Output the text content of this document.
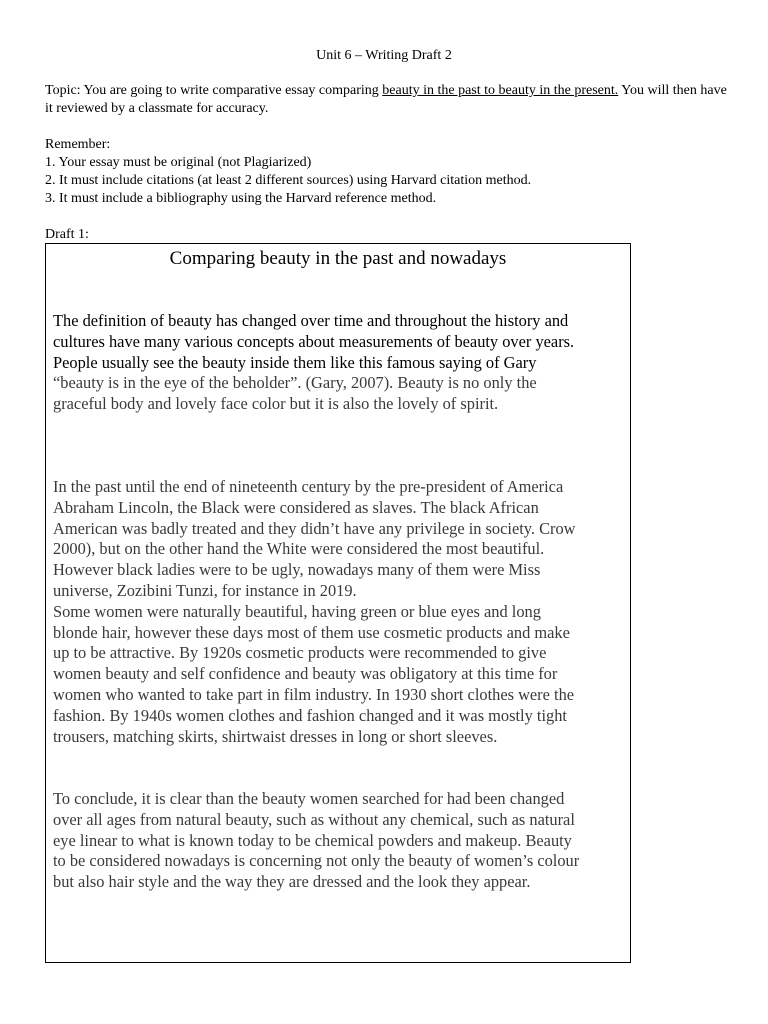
Unit 6 – Writing Draft 2
Topic: You are going to write comparative essay comparing beauty in the past to beauty in the present. You will then have it reviewed by a classmate for accuracy.
Remember:
1. Your essay must be original (not Plagiarized)
2. It must include citations (at least 2 different sources) using Harvard citation method.
3. It must include a bibliography using the Harvard reference method.
Draft 1:
Comparing beauty in the past and nowadays
The definition of beauty has changed over time and throughout the history and
cultures have many various concepts about measurements of beauty over years.
People usually see the beauty inside them like this famous saying of Gary
“beauty is in the eye of the beholder”. (Gary, 2007). Beauty is no only the
graceful body and lovely face color but it is also the lovely of spirit.
In the past until the end of nineteenth century by the pre-president of America
Abraham Lincoln, the Black were considered as slaves. The black African
American was badly treated and they didn’t have any privilege in society. Crow
2000), but on the other hand the White were considered the most beautiful.
However black ladies were to be ugly, nowadays many of them were Miss
universe, Zozibini Tunzi, for instance in 2019.
Some women were naturally beautiful, having green or blue eyes and long
blonde hair, however these days most of them use cosmetic products and make
up to be attractive. By 1920s cosmetic products were recommended to give
women beauty and self confidence and beauty was obligatory at this time for
women who wanted to take part in film industry. In 1930 short clothes were the
fashion. By 1940s women clothes and fashion changed and it was mostly tight
trousers, matching skirts, shirtwaist dresses in long or short sleeves.
To conclude, it is clear than the beauty women searched for had been changed
over all ages from natural beauty, such as without any chemical, such as natural
eye linear to what is known today to be chemical powders and makeup. Beauty
to be considered nowadays is concerning not only the beauty of women’s colour
but also hair style and the way they are dressed and the look they appear.
